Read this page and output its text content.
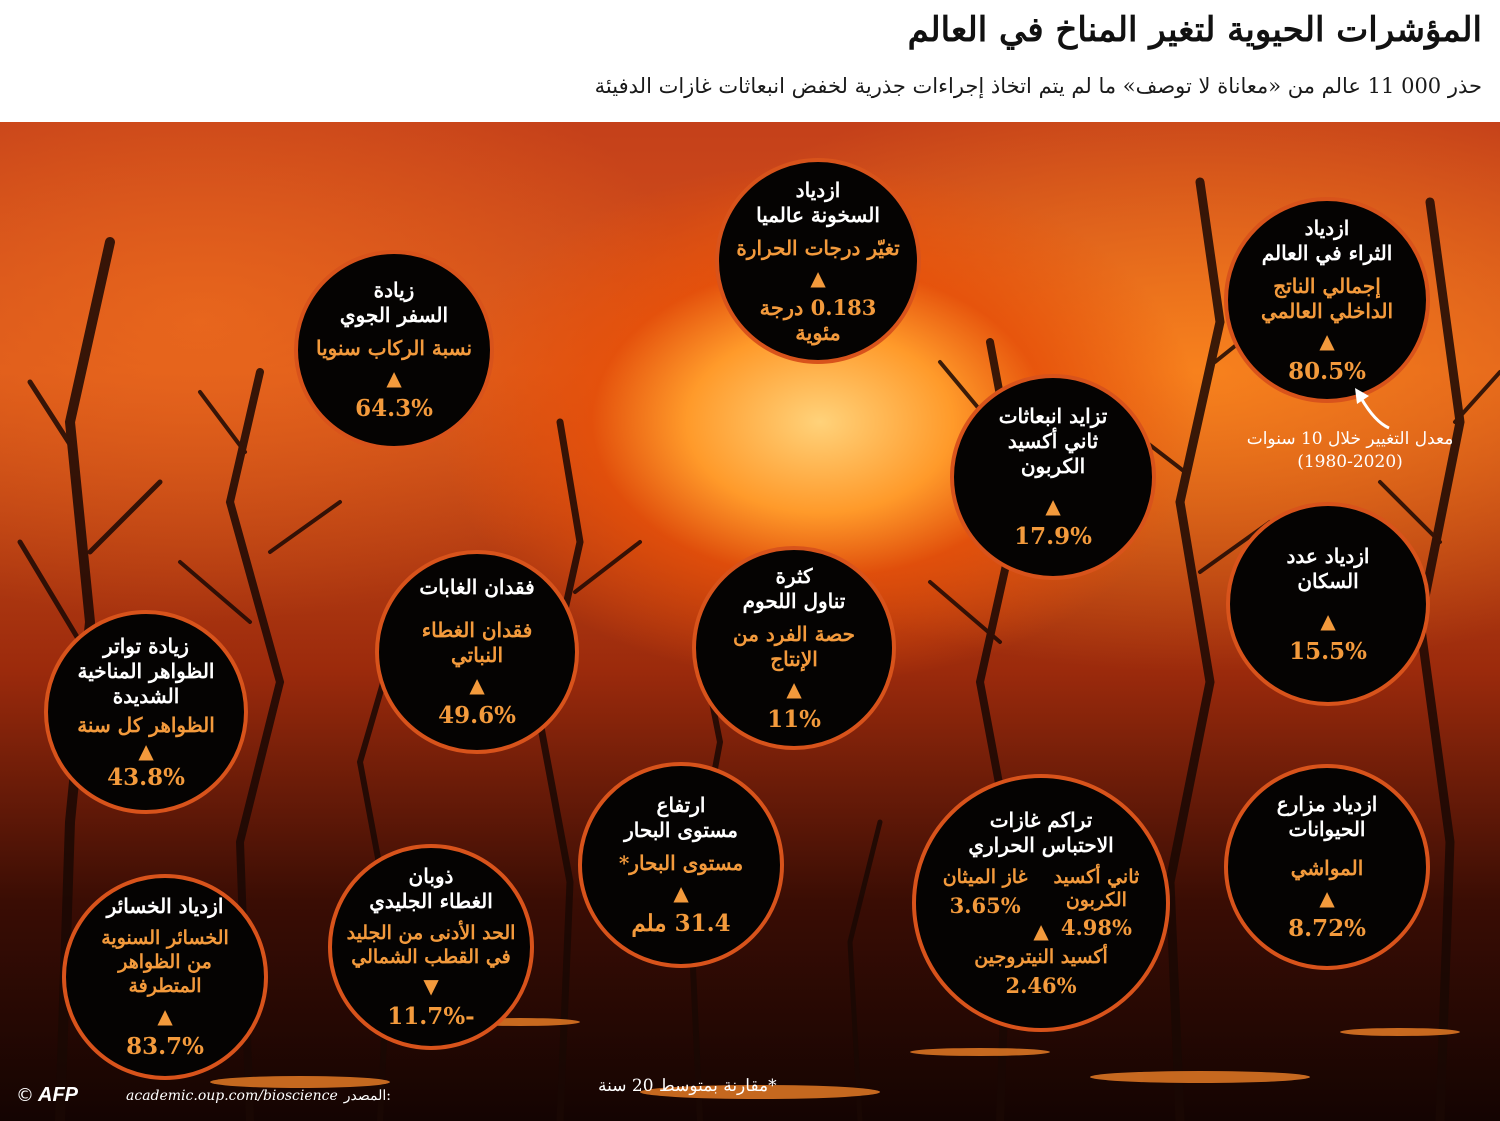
المؤشرات الحيوية لتغير المناخ في العالم

حذر 000 11 عالم من «معاناة لا توصف» ما لم يتم اتخاذ إجراءات جذرية لخفض انبعاثات غازات الدفيئة

زيادة
السفر الجوي
نسبة الركاب سنويا
▲
64.3%
ازدياد
السخونة عالميا
تغيّر درجات الحرارة
▲
0.183 درجة
مئوية
ازدياد
الثراء في العالم
إجمالي الناتج
الداخلي العالمي
▲
80.5%
تزايد انبعاثات
ثاني أكسيد
الكربون
▲
17.9%
ازدياد عدد
السكان
▲
15.5%
كثرة
تناول اللحوم
حصة الفرد من
الإنتاج
▲
11%
فقدان الغابات
فقدان الغطاء النباتي
▲
49.6%
زيادة تواتر
الظواهر المناخية
الشديدة
الظواهر كل سنة
▲
43.8%
ارتفاع
مستوى البحار
مستوى البحار*
▲
31.4 ملم
ذوبان
الغطاء الجليدي
الحد الأدنى من الجليد
في القطب الشمالي
▼
-11.7%
ازدياد الخسائر
الخسائر السنوية
من الظواهر المتطرفة
▲
83.7%
تراكم غازات
الاحتباس الحراري
ثاني أكسيد
الكربون
4.98%
غاز الميثان
3.65%
▲
أكسيد النيتروجين
2.46%
ازدياد مزارع
الحيوانات
المواشي
▲
8.72%
معدل التغيير خلال 10 سنوات
(1980-2020)
© AFP	academic.oup.com/bioscience المصدر:	*مقارنة بمتوسط 20 سنة
